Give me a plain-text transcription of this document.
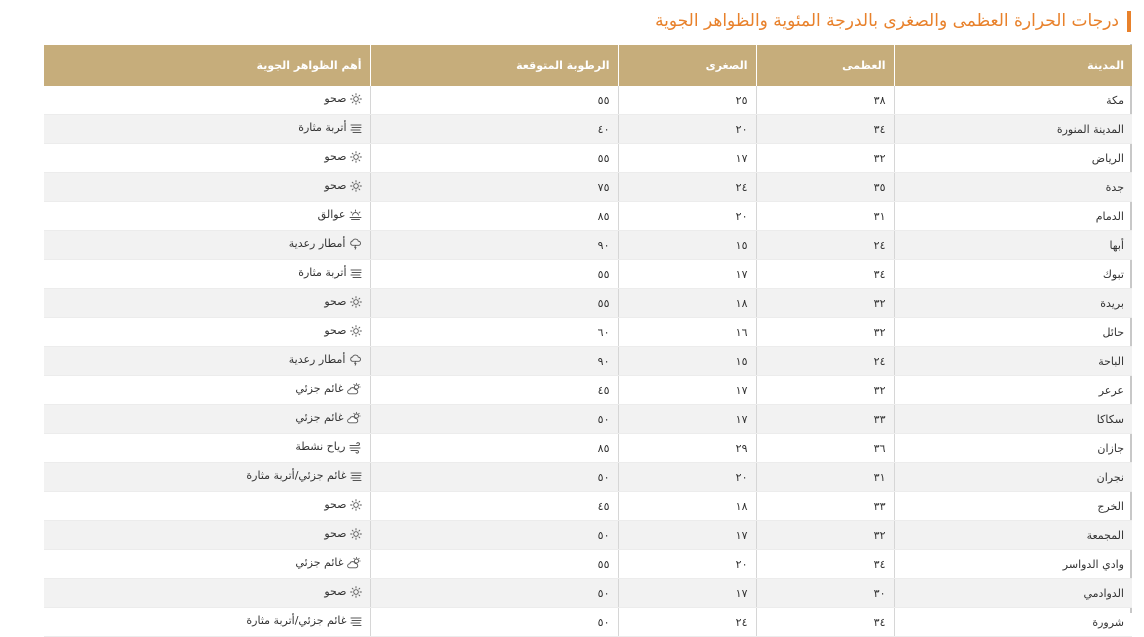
درجات الحرارة العظمى والصغرى بالدرجة المئوية والظواهر الجوية
المدينة	العظمى	الصغرى	الرطوبة المتوقعة	أهم الظواهر الجوية
مكة	٣٨	٢٥	٥٥	صحو

المدينة المنورة	٣٤	٢٠	٤٠	أتربة مثارة

الرياض	٣٢	١٧	٥٥	صحو

جدة	٣٥	٢٤	٧٥	صحو

الدمام	٣١	٢٠	٨٥	عوالق

أبها	٢٤	١٥	٩٠	أمطار رعدية

تبوك	٣٤	١٧	٥٥	أتربة مثارة

بريدة	٣٢	١٨	٥٥	صحو

حائل	٣٢	١٦	٦٠	صحو

الباحة	٢٤	١٥	٩٠	أمطار رعدية

عرعر	٣٢	١٧	٤٥	غائم جزئي

سكاكا	٣٣	١٧	٥٠	غائم جزئي

جازان	٣٦	٢٩	٨٥	رياح نشطة

نجران	٣١	٢٠	٥٠	غائم جزئي/أتربة مثارة

الخرج	٣٣	١٨	٤٥	صحو

المجمعة	٣٢	١٧	٥٠	صحو

وادي الدواسر	٣٤	٢٠	٥٥	غائم جزئي

الدوادمي	٣٠	١٧	٥٠	صحو

شرورة	٣٤	٢٤	٥٠	غائم جزئي/أتربة مثارة
